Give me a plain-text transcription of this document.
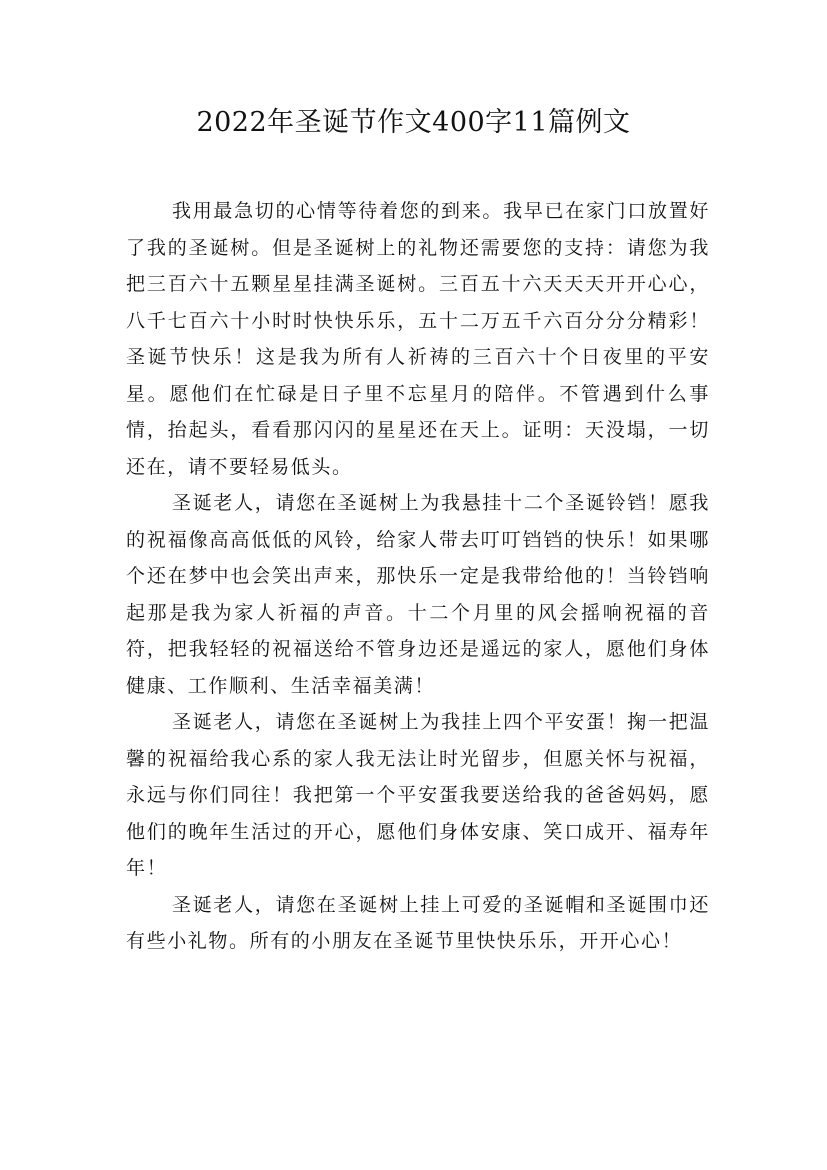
2022年圣诞节作文400字11篇例文

我用最急切的心情等待着您的到来。我早已在家门口放置好了我的圣诞树。但是圣诞树上的礼物还需要您的支持：请您为我把三百六十五颗星星挂满圣诞树。三百五十六天天天开开心心，八千七百六十小时时快快乐乐，五十二万五千六百分分分精彩！圣诞节快乐！这是我为所有人祈祷的三百六十个日夜里的平安星。愿他们在忙碌是日子里不忘星月的陪伴。不管遇到什么事情，抬起头，看看那闪闪的星星还在天上。证明：天没塌，一切还在，请不要轻易低头。

圣诞老人，请您在圣诞树上为我悬挂十二个圣诞铃铛！愿我的祝福像高高低低的风铃，给家人带去叮叮铛铛的快乐！如果哪个还在梦中也会笑出声来，那快乐一定是我带给他的！当铃铛响起那是我为家人祈福的声音。十二个月里的风会摇响祝福的音符，把我轻轻的祝福送给不管身边还是遥远的家人，愿他们身体健康、工作顺利、生活幸福美满！

圣诞老人，请您在圣诞树上为我挂上四个平安蛋！掬一把温馨的祝福给我心系的家人我无法让时光留步，但愿关怀与祝福，永远与你们同往！我把第一个平安蛋我要送给我的爸爸妈妈，愿他们的晚年生活过的开心，愿他们身体安康、笑口成开、福寿年年！

圣诞老人，请您在圣诞树上挂上可爱的圣诞帽和圣诞围巾还有些小礼物。所有的小朋友在圣诞节里快快乐乐，开开心心！
